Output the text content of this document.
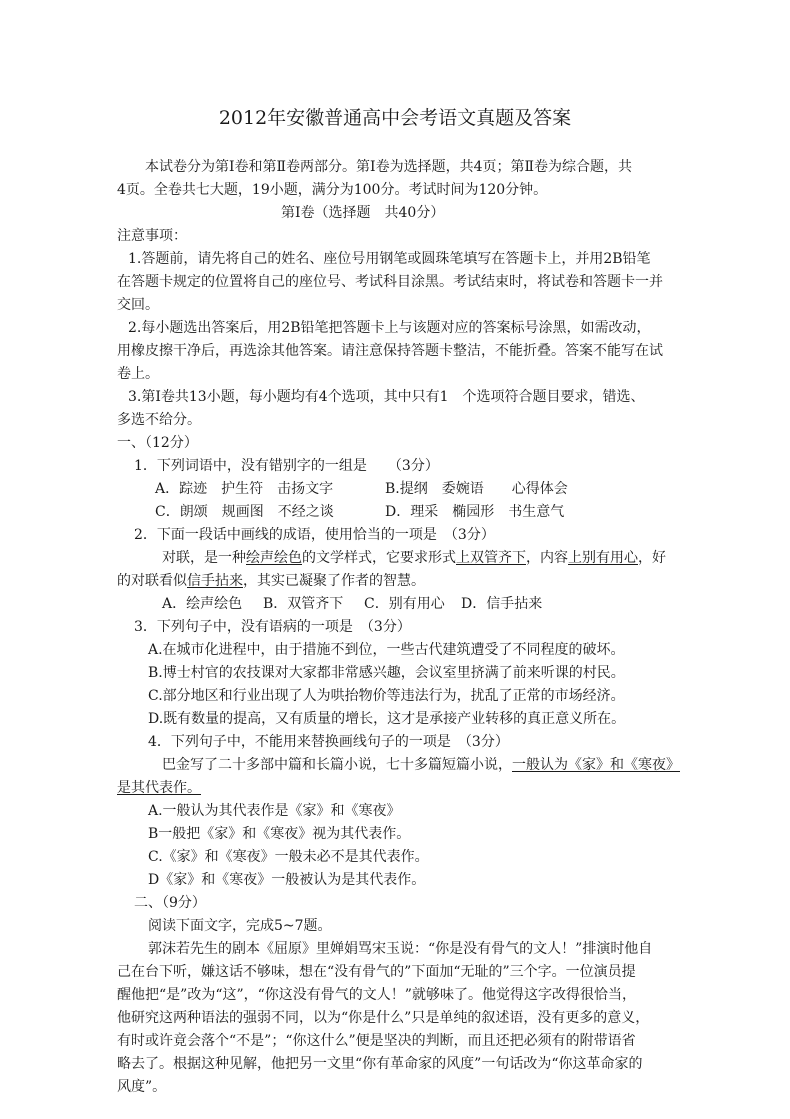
2012年安徽普通高中会考语文真题及答案
本试卷分为第Ⅰ卷和第Ⅱ卷两部分。第Ⅰ卷为选择题，共4页；第Ⅱ卷为综合题，共
4页。全卷共七大题，19小题，满分为100分。考试时间为120分钟。
第Ⅰ卷（选择题　共40分）
注意事项：
1.答题前，请先将自己的姓名、座位号用钢笔或圆珠笔填写在答题卡上，并用2B铅笔
在答题卡规定的位置将自己的座位号、考试科目涂黑。考试结束时，将试卷和答题卡一并
交回。
2.每小题选出答案后，用2B铅笔把答题卡上与该题对应的答案标号涂黑，如需改动，
用橡皮擦干净后，再选涂其他答案。请注意保持答题卡整洁，不能折叠。答案不能写在试
卷上。
3.第Ⅰ卷共13小题，每小题均有4个选项，其中只有1　个选项符合题目要求，错选、
多选不给分。
一、（12分）
1．下列词语中，没有错别字的一组是　　（3分）
A．踪迹　护生符　击扬文字	B.提纲　委婉语　　心得体会
C．朗颂　规画图　不经之谈	D．理采　椭园形　书生意气
2．下面一段话中画线的成语，使用恰当的一项是　（3分）
对联，是一种绘声绘色的文学样式，它要求形式上双管齐下，内容上别有用心，好
的对联看似信手拈来，其实已凝聚了作者的智慧。
A．绘声绘色 B．双管齐下 C．别有用心 D．信手拈来
3．下列句子中，没有语病的一项是　（3分）
A.在城市化进程中，由于措施不到位，一些古代建筑遭受了不同程度的破坏。
B.博士村官的农技课对大家都非常感兴趣，会议室里挤满了前来听课的村民。
C.部分地区和行业出现了人为哄抬物价等违法行为，扰乱了正常的市场经济。
D.既有数量的提高，又有质量的增长，这才是承接产业转移的真正意义所在。
4．下列句子中，不能用来替换画线句子的一项是　（3分）
巴金写了二十多部中篇和长篇小说，七十多篇短篇小说，一般认为《家》和《寒夜》
是其代表作。
A.一般认为其代表作是《家》和《寒夜》
B一般把《家》和《寒夜》视为其代表作。
C.《家》和《寒夜》一般未必不是其代表作。
D《家》和《寒夜》一般被认为是其代表作。
二、（9分）
阅读下面文字，完成5~7题。
郭沫若先生的剧本《屈原》里婵娟骂宋玉说：“你是没有骨气的文人！”排演时他自
己在台下听，嫌这话不够味，想在“没有骨气的”下面加“无耻的”三个字。一位演员提
醒他把“是”改为“这”，“你这没有骨气的文人！”就够味了。他觉得这字改得很恰当，
他研究这两种语法的强弱不同，以为“你是什么”只是单纯的叙述语，没有更多的意义，
有时或许竟会落个“不是”；“你这什么”便是坚决的判断，而且还把必须有的附带语省
略去了。根据这种见解，他把另一文里“你有革命家的风度”一句话改为“你这革命家的
风度”。
